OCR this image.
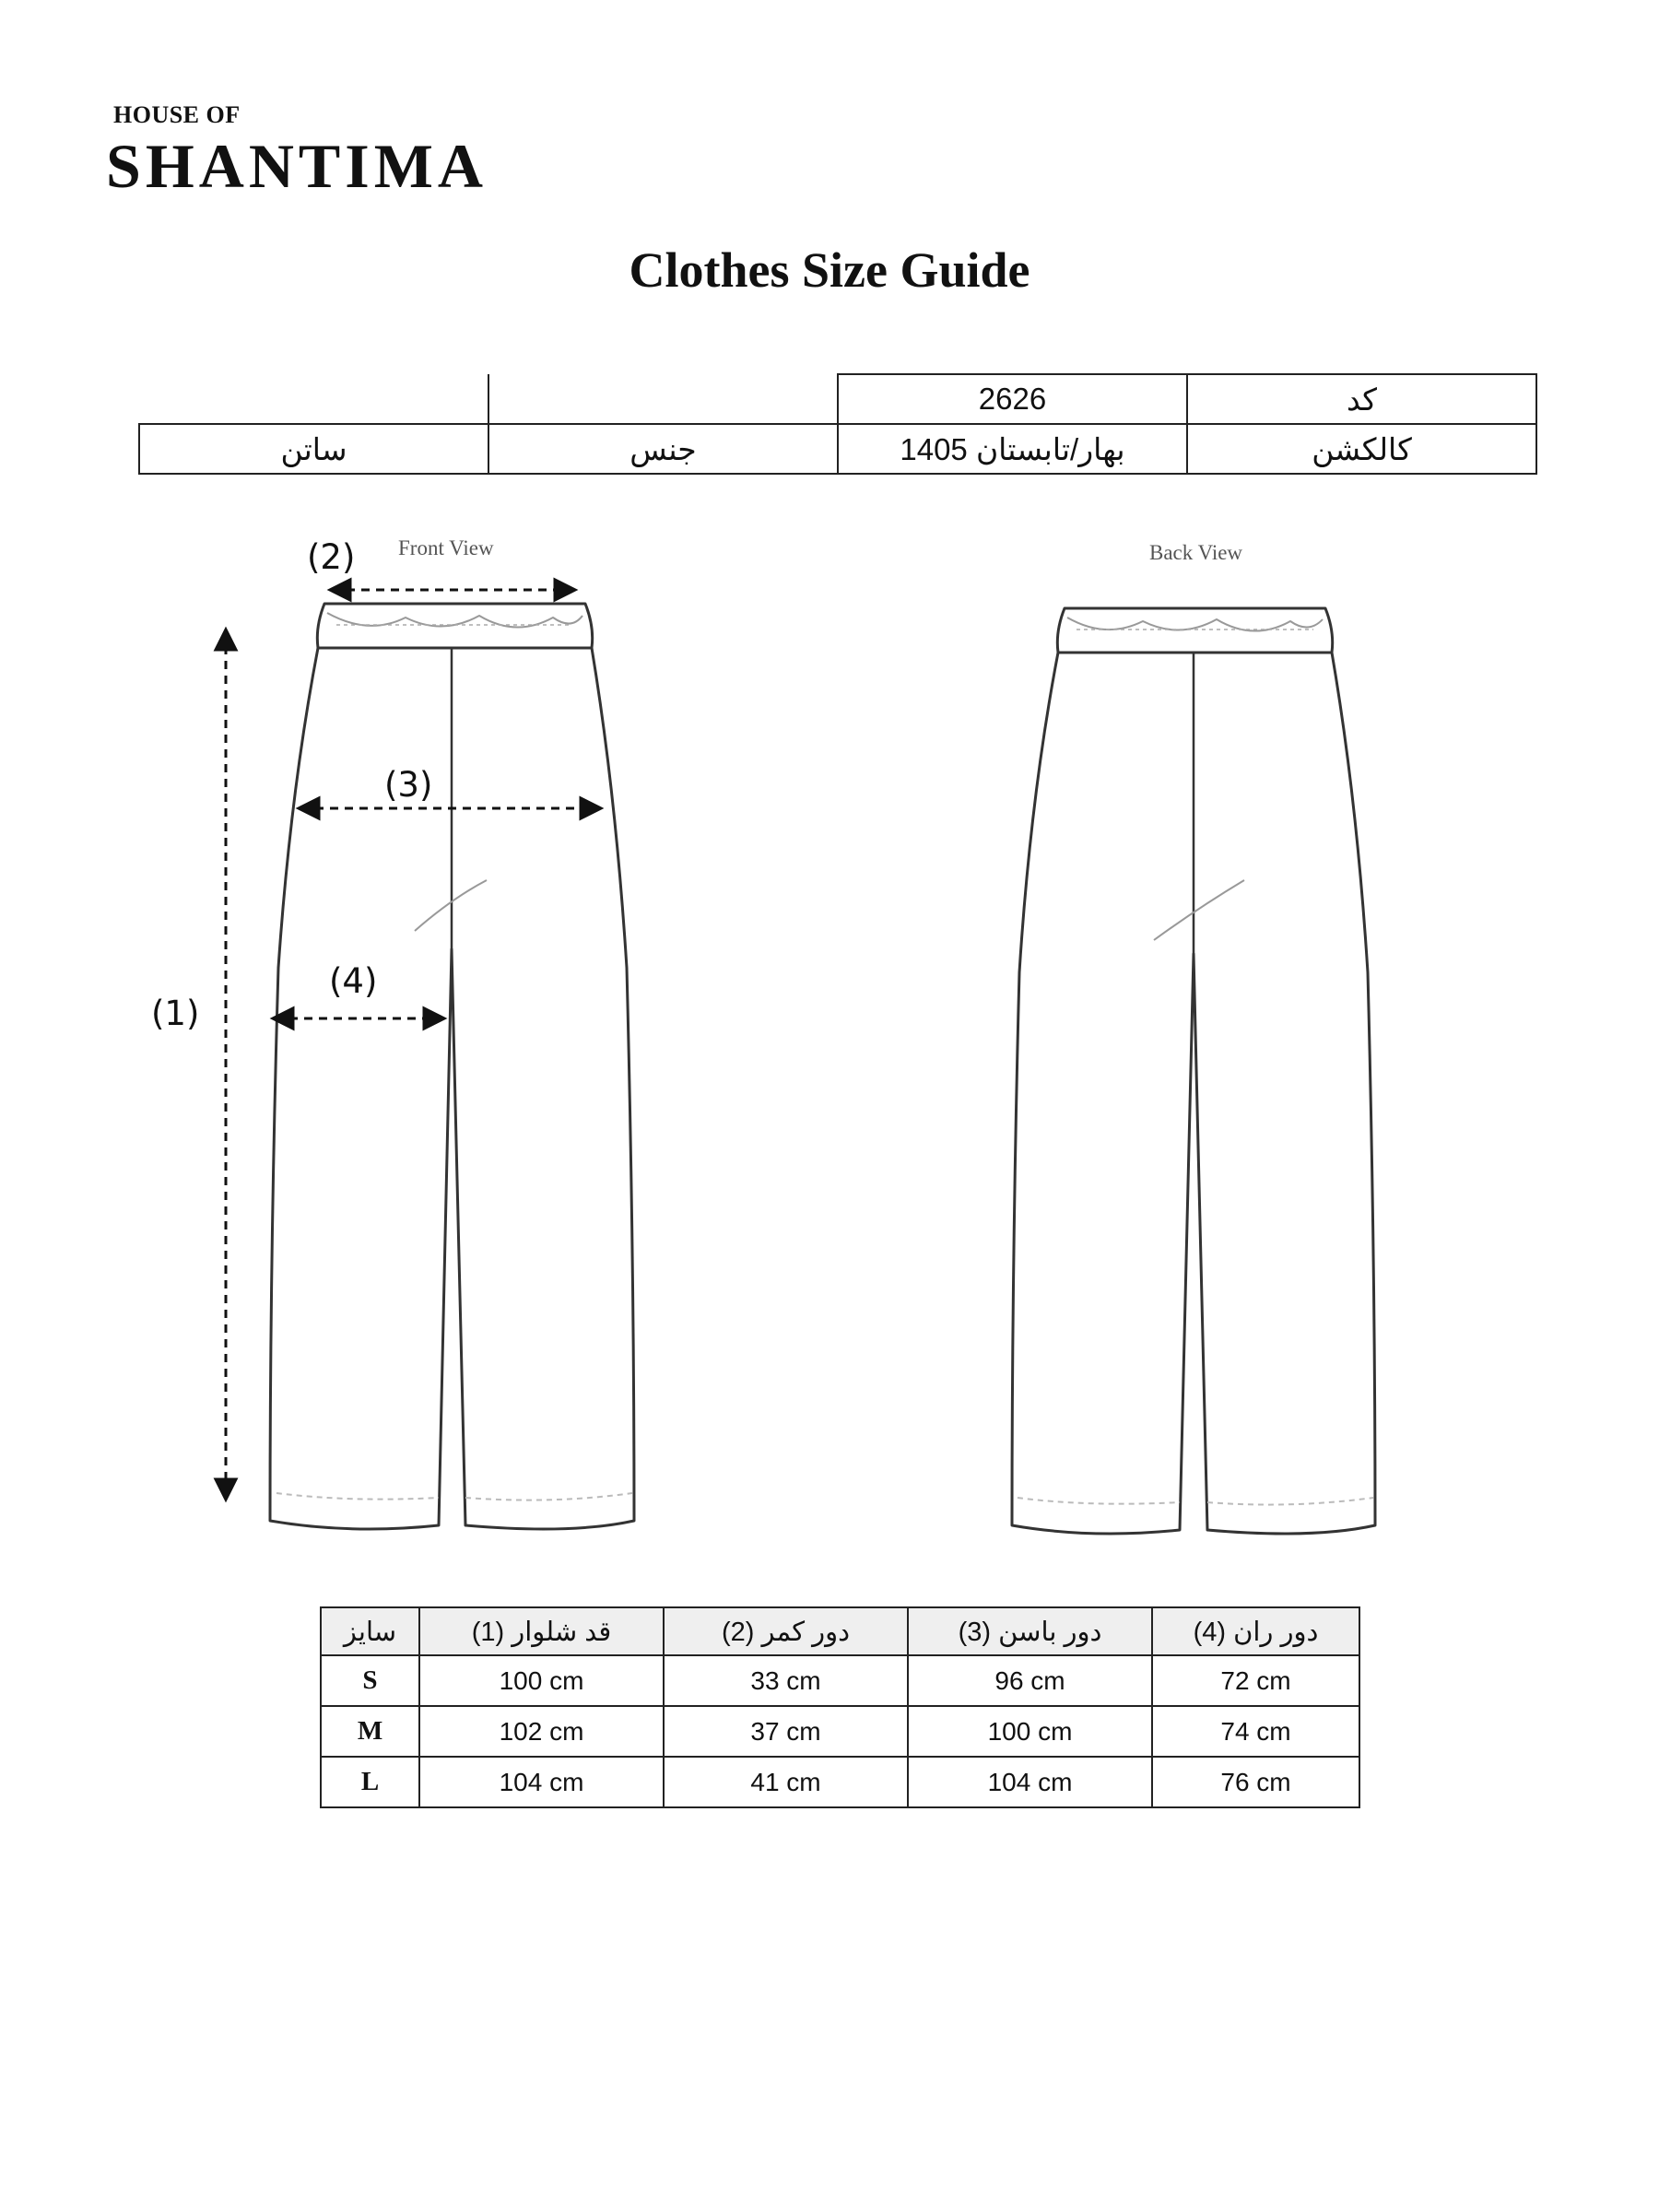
HOUSE OF
SHANTIMA
Clothes Size Guide
		2626	کد
ساتن	جنس	بهار/تابستان 1405	کالکشن
Front View	Back View
(1)
(2)
(3)
(4)
سایز	(1) قد شلوار	(2) دور کمر	(3) دور باسن	(4) دور ران
S	100 cm	33 cm	96 cm	72 cm
M	102 cm	37 cm	100 cm	74 cm
L	104 cm	41 cm	104 cm	76 cm
